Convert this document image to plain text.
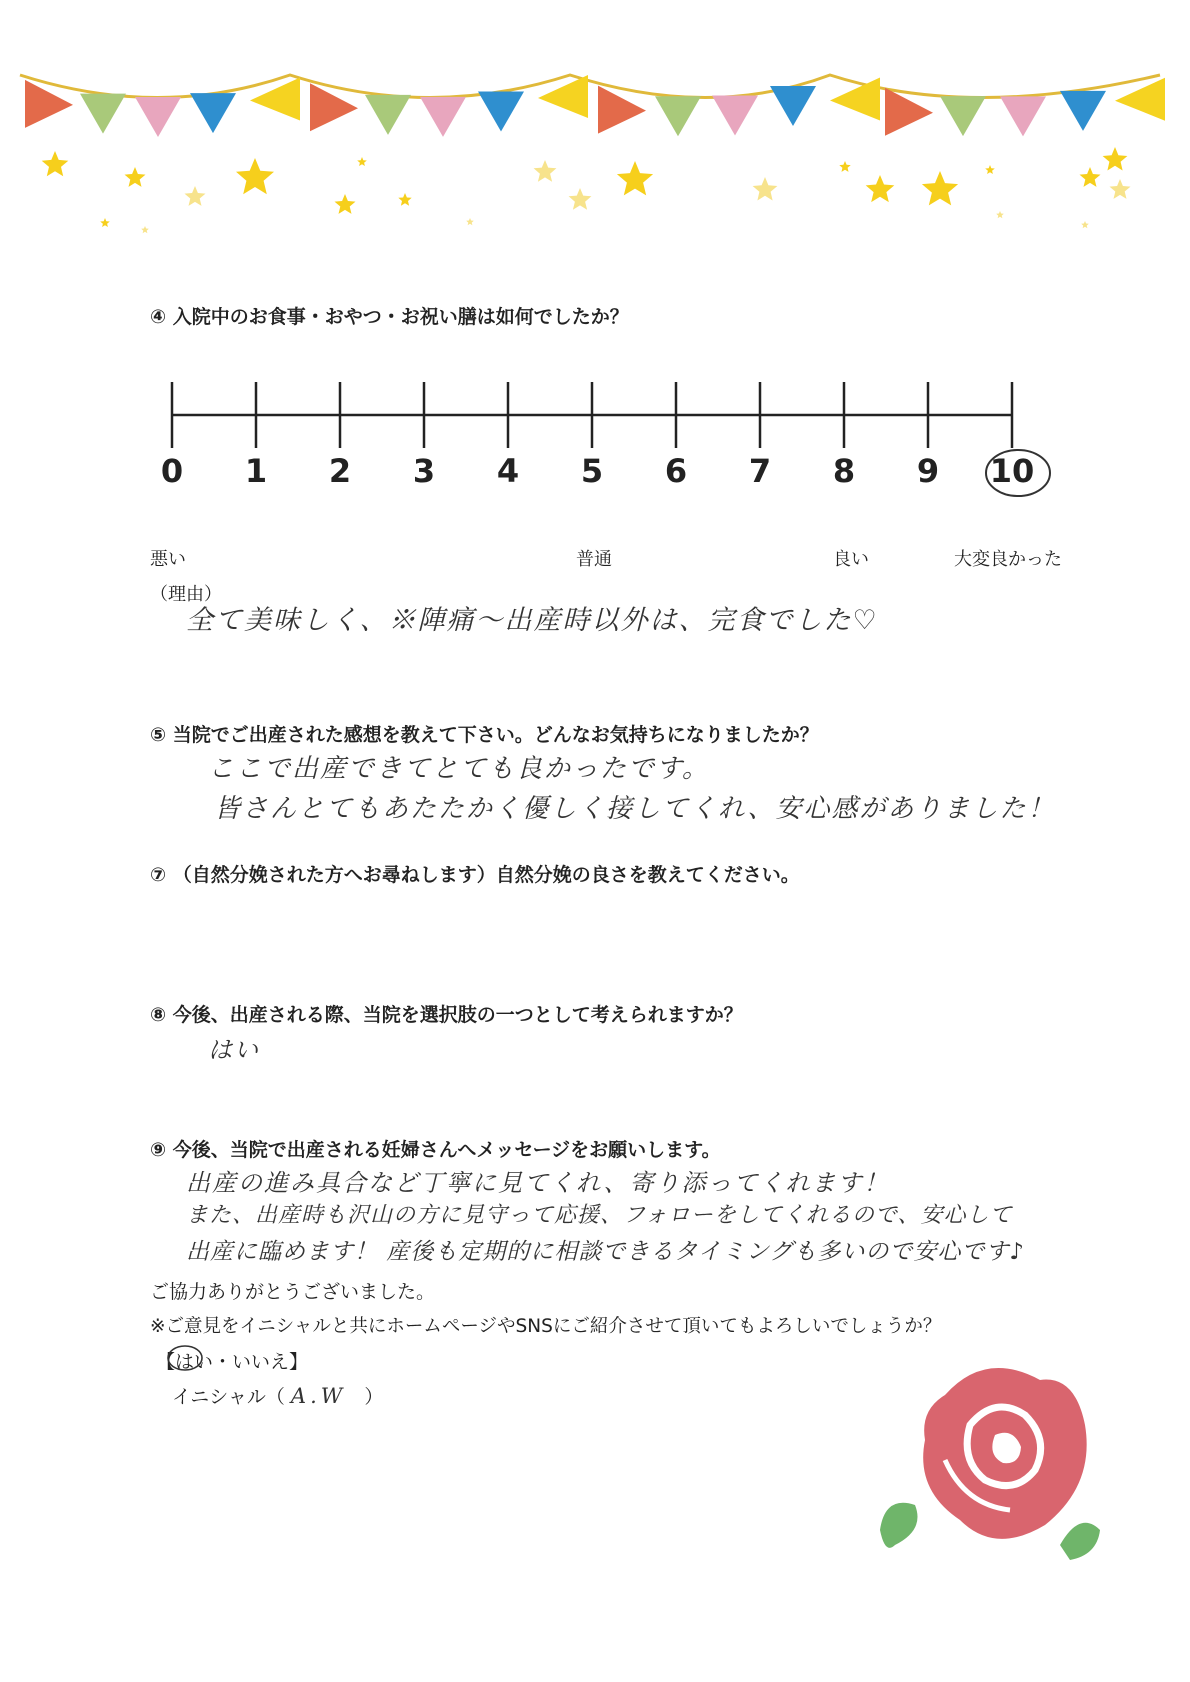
④ 入院中のお食事・おやつ・お祝い膳は如何でしたか？
0	1	2	3	4	5	6	7	8	9	10
悪い	普通	良い	大変良かった
（理由）
全て美味しく、※陣痛～出産時以外は、完食でした♡
⑤ 当院でご出産された感想を教えて下さい。どんなお気持ちになりましたか？
ここで出産できてとても良かったです。
皆さんとてもあたたかく優しく接してくれ、安心感がありました！
⑦ （自然分娩された方へお尋ねします）自然分娩の良さを教えてください。
⑧ 今後、出産される際、当院を選択肢の一つとして考えられますか？
はい
⑨ 今後、当院で出産される妊婦さんへメッセージをお願いします。
出産の進み具合など丁寧に見てくれ、寄り添ってくれます！
また、出産時も沢山の方に見守って応援、フォローをしてくれるので、安心して
出産に臨めます！ 産後も定期的に相談できるタイミングも多いので安心です♪
ご協力ありがとうございました。
※ご意見をイニシャルと共にホームページやSNSにご紹介させて頂いてもよろしいでしょうか？
【はい・いいえ】
イニシャル（ A.W ）
